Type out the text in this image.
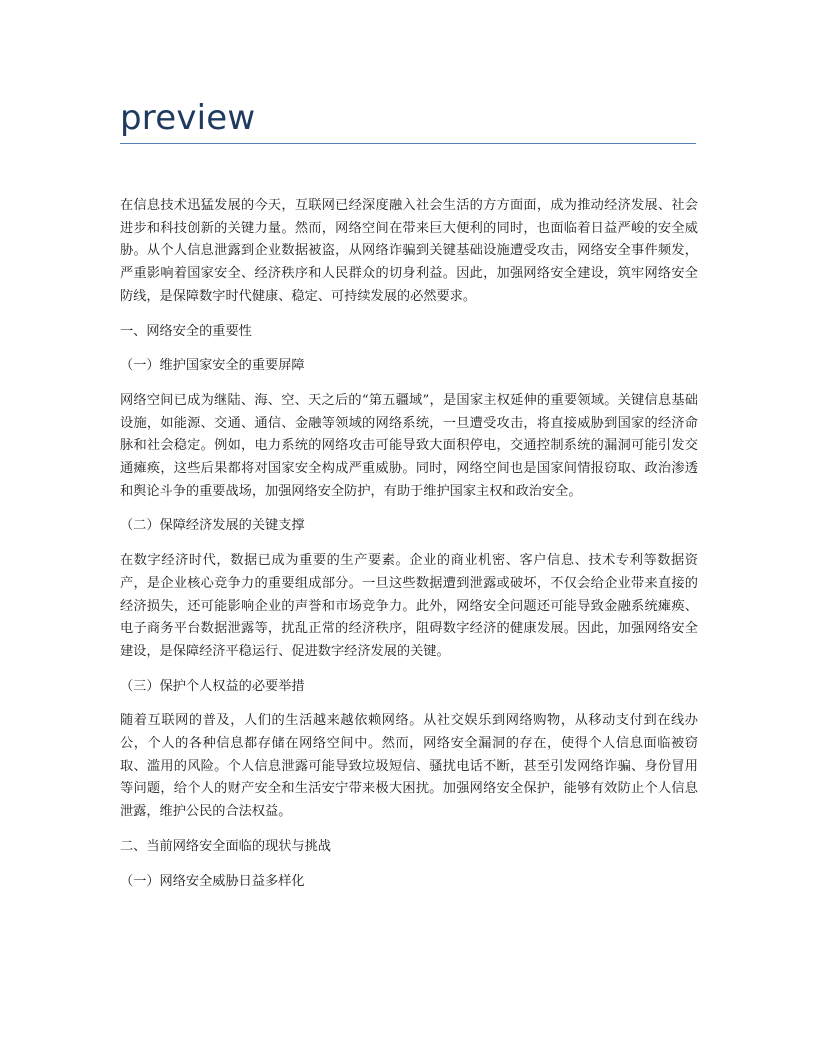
preview

在信息技术迅猛发展的今天，互联网已经深度融入社会生活的方方面面，成为推动经济发展、社会进步和科技创新的关键力量。然而，网络空间在带来巨大便利的同时，也面临着日益严峻的安全威胁。从个人信息泄露到企业数据被盗，从网络诈骗到关键基础设施遭受攻击，网络安全事件频发，严重影响着国家安全、经济秩序和人民群众的切身利益。因此，加强网络安全建设，筑牢网络安全防线，是保障数字时代健康、稳定、可持续发展的必然要求。

一、网络安全的重要性

（一）维护国家安全的重要屏障

网络空间已成为继陆、海、空、天之后的“第五疆域”，是国家主权延伸的重要领域。关键信息基础设施，如能源、交通、通信、金融等领域的网络系统，一旦遭受攻击，将直接威胁到国家的经济命脉和社会稳定。例如，电力系统的网络攻击可能导致大面积停电，交通控制系统的漏洞可能引发交通瘫痪，这些后果都将对国家安全构成严重威胁。同时，网络空间也是国家间情报窃取、政治渗透和舆论斗争的重要战场，加强网络安全防护，有助于维护国家主权和政治安全。

（二）保障经济发展的关键支撑

在数字经济时代，数据已成为重要的生产要素。企业的商业机密、客户信息、技术专利等数据资产，是企业核心竞争力的重要组成部分。一旦这些数据遭到泄露或破坏，不仅会给企业带来直接的经济损失，还可能影响企业的声誉和市场竞争力。此外，网络安全问题还可能导致金融系统瘫痪、电子商务平台数据泄露等，扰乱正常的经济秩序，阻碍数字经济的健康发展。因此，加强网络安全建设，是保障经济平稳运行、促进数字经济发展的关键。

（三）保护个人权益的必要举措

随着互联网的普及，人们的生活越来越依赖网络。从社交娱乐到网络购物，从移动支付到在线办公，个人的各种信息都存储在网络空间中。然而，网络安全漏洞的存在，使得个人信息面临被窃取、滥用的风险。个人信息泄露可能导致垃圾短信、骚扰电话不断，甚至引发网络诈骗、身份冒用等问题，给个人的财产安全和生活安宁带来极大困扰。加强网络安全保护，能够有效防止个人信息泄露，维护公民的合法权益。

二、当前网络安全面临的现状与挑战

（一）网络安全威胁日益多样化
